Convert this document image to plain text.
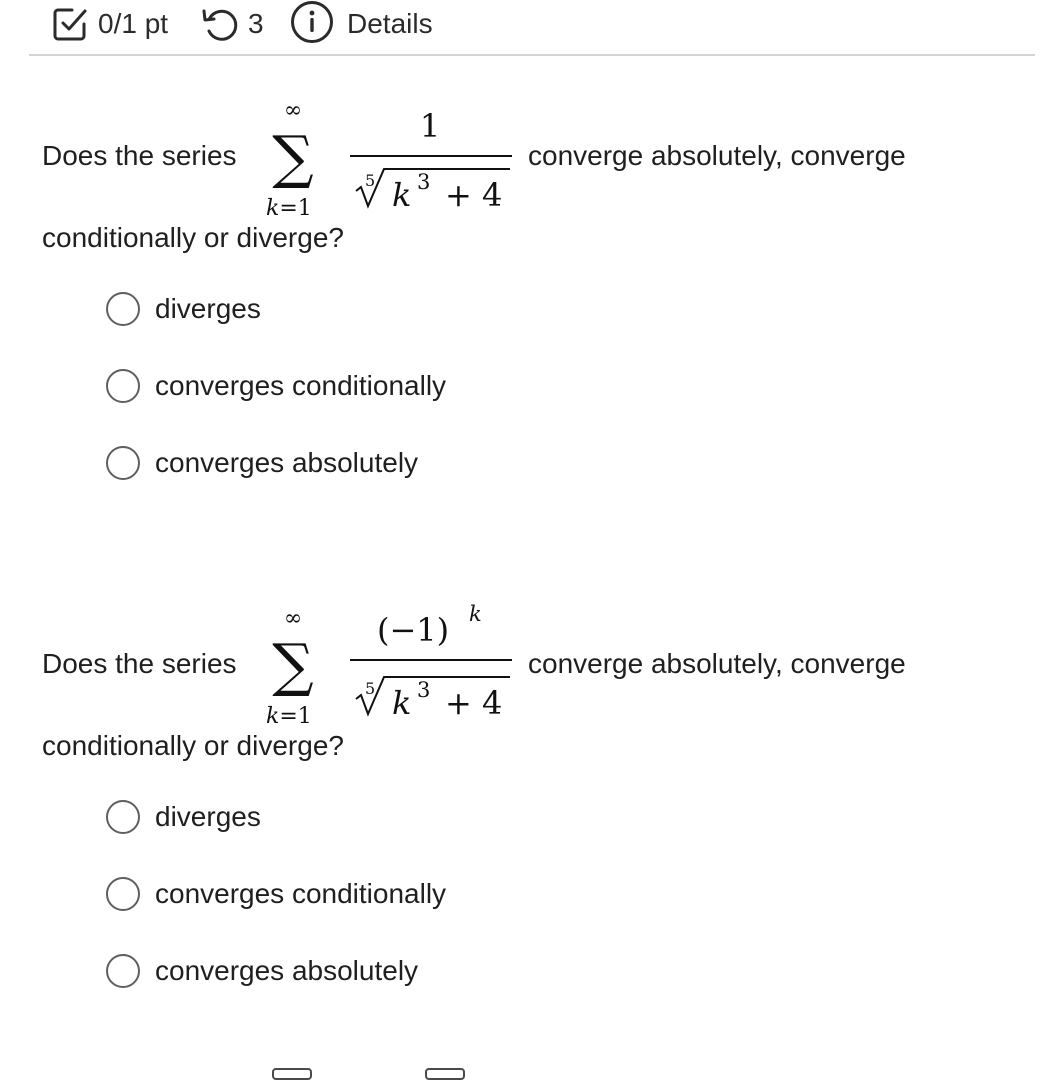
0/1 pt	3	Details
Does the series
∞
∑
k=1
1
5 k 3 + 4
converge absolutely, converge
conditionally or diverge?
diverges
converges conditionally
converges absolutely
Does the series
∞
∑
k=1
(−1) k
5 k 3 + 4
converge absolutely, converge
conditionally or diverge?
diverges
converges conditionally
converges absolutely
